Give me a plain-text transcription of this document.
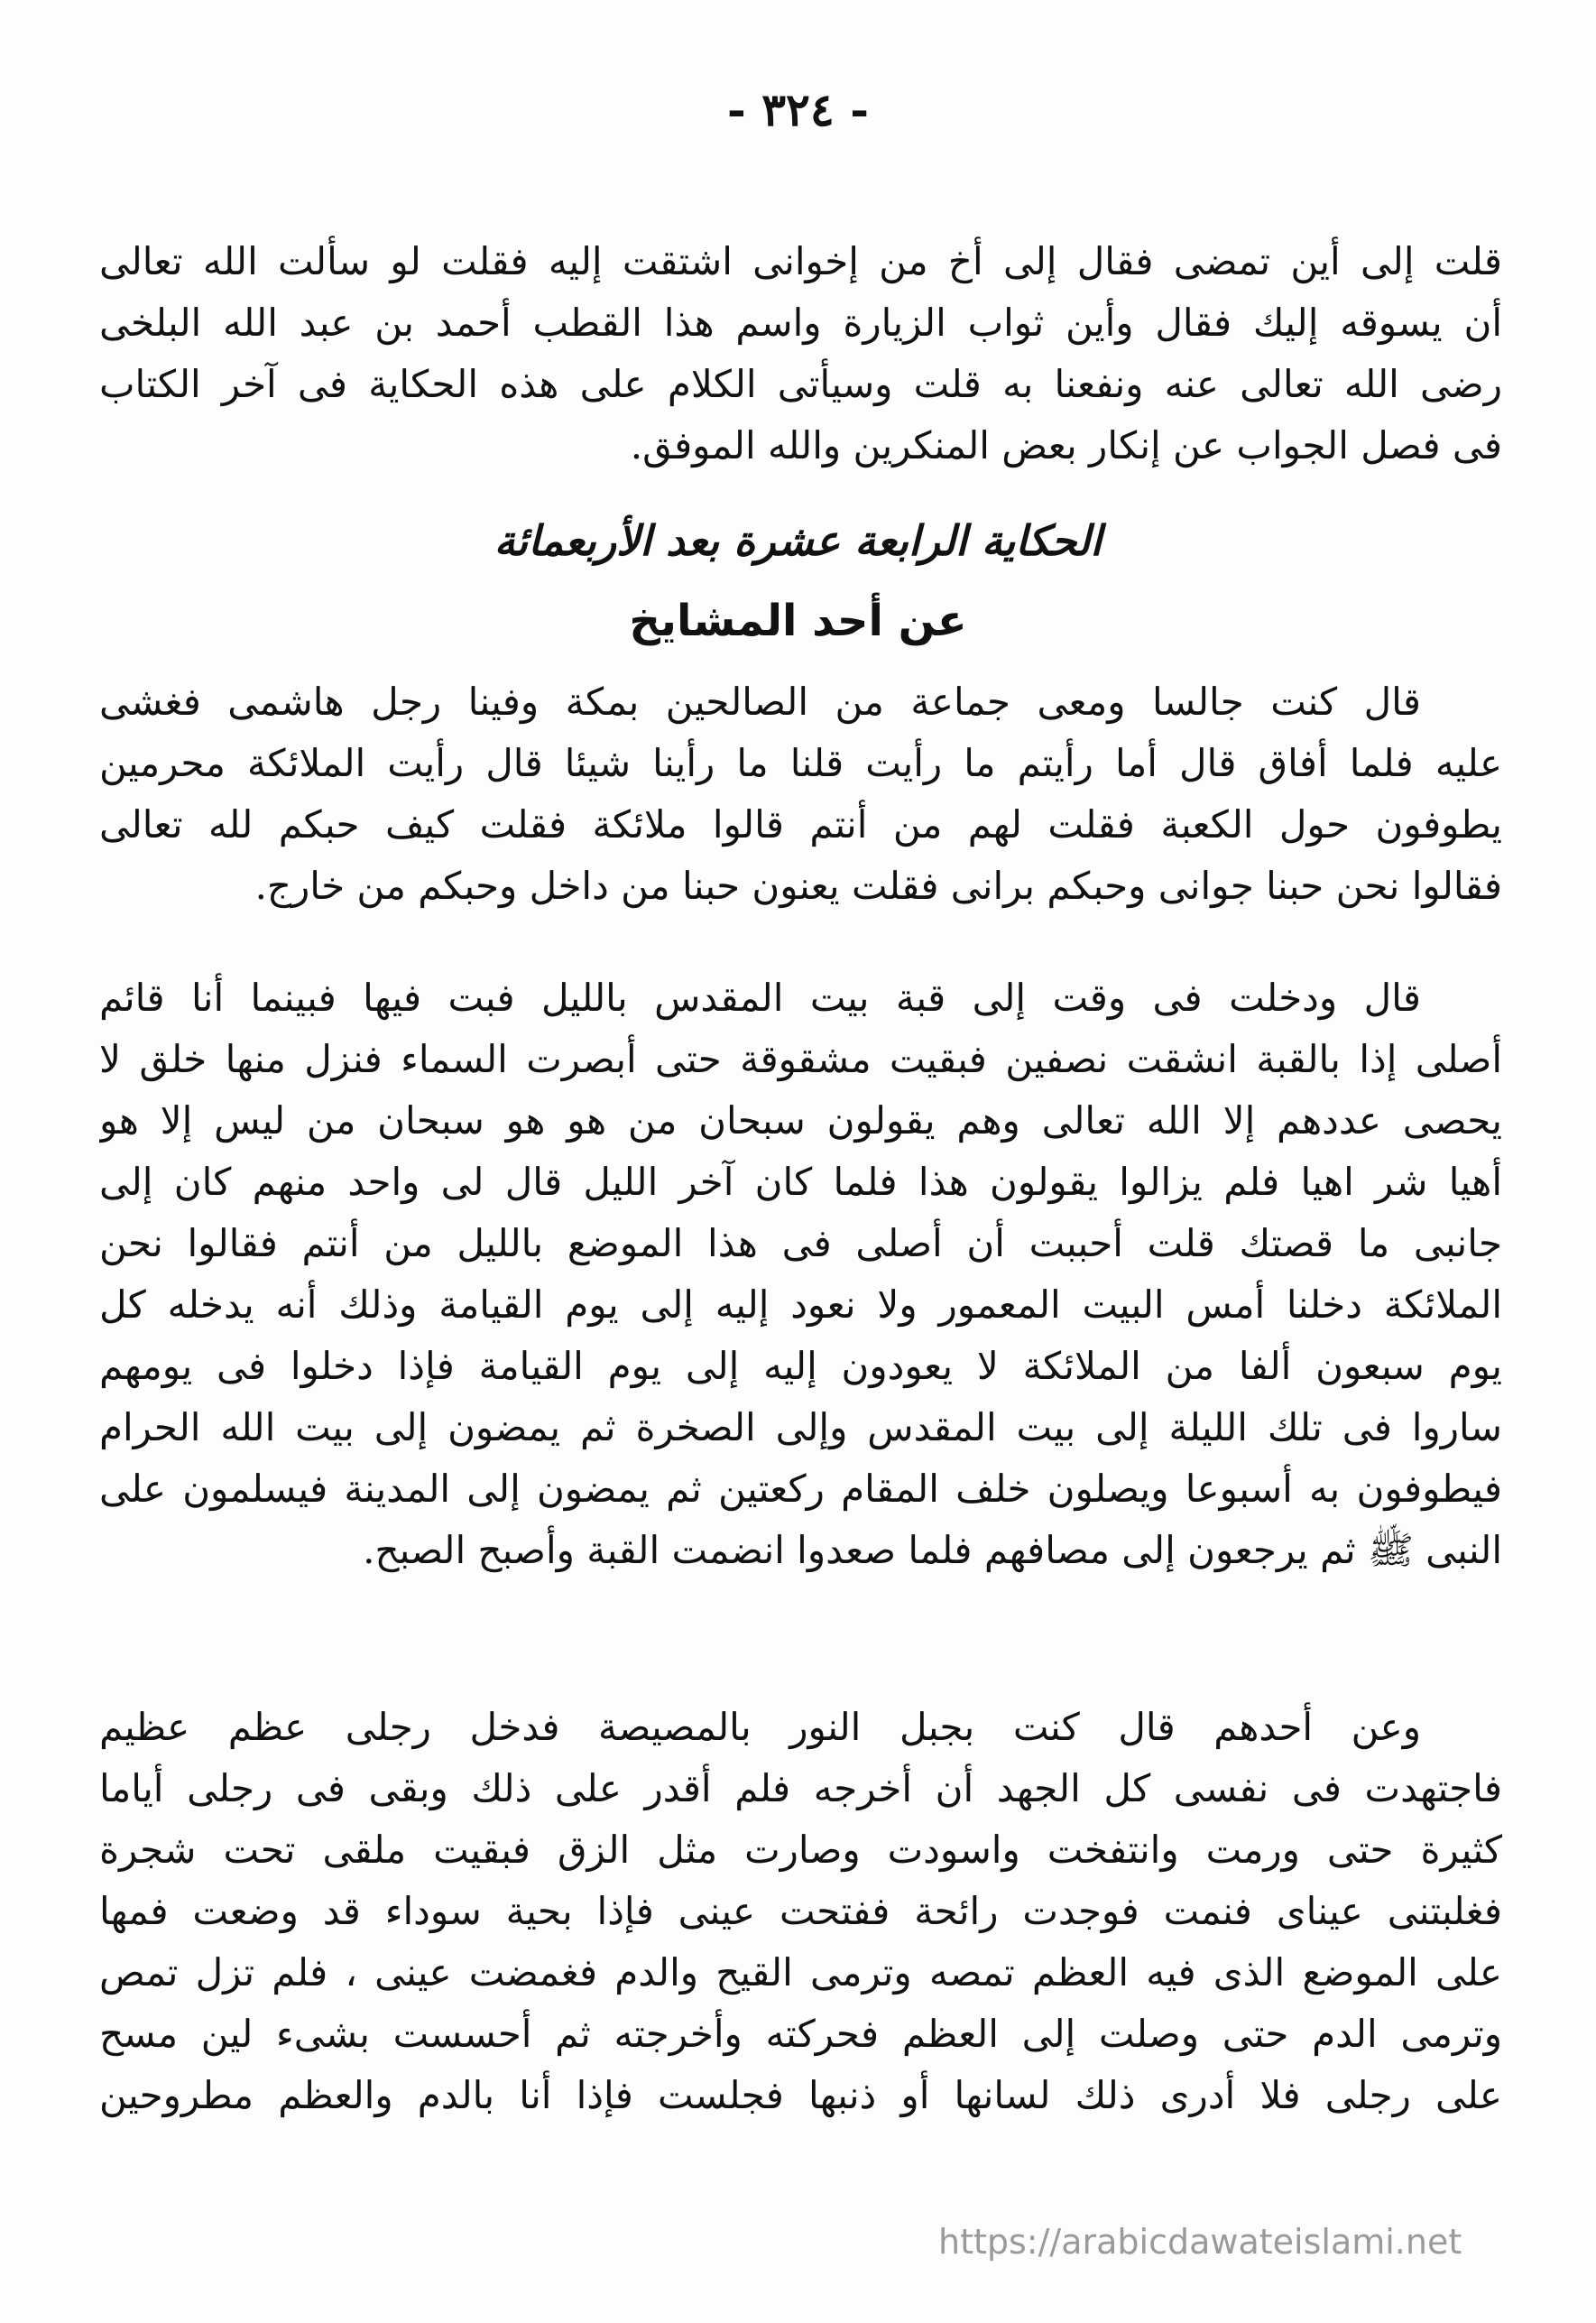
- ٣٢٤ -
قلت إلى أين تمضى فقال إلى أخ من إخوانى اشتقت إليه فقلت لو سألت الله تعالى
أن يسوقه إليك فقال وأين ثواب الزيارة واسم هذا القطب أحمد بن عبد الله البلخى
رضى الله تعالى عنه ونفعنا به قلت وسيأتى الكلام على هذه الحكاية فى آخر الكتاب
فى فصل الجواب عن إنكار بعض المنكرين والله الموفق.
الحكاية الرابعة عشرة بعد الأربعمائة
عن أحد المشايخ
قال كنت جالسا ومعى جماعة من الصالحين بمكة وفينا رجل هاشمى فغشى
عليه فلما أفاق قال أما رأيتم ما رأيت قلنا ما رأينا شيئا قال رأيت الملائكة محرمين
يطوفون حول الكعبة فقلت لهم من أنتم قالوا ملائكة فقلت كيف حبكم لله تعالى
فقالوا نحن حبنا جوانى وحبكم برانى فقلت يعنون حبنا من داخل وحبكم من خارج.
قال ودخلت فى وقت إلى قبة بيت المقدس بالليل فبت فيها فبينما أنا قائم
أصلى إذا بالقبة انشقت نصفين فبقيت مشقوقة حتى أبصرت السماء فنزل منها خلق لا
يحصى عددهم إلا الله تعالى وهم يقولون سبحان من هو هو سبحان من ليس إلا هو
أهيا شر اهيا فلم يزالوا يقولون هذا فلما كان آخر الليل قال لى واحد منهم كان إلى
جانبى ما قصتك قلت أحببت أن أصلى فى هذا الموضع بالليل من أنتم فقالوا نحن
الملائكة دخلنا أمس البيت المعمور ولا نعود إليه إلى يوم القيامة وذلك أنه يدخله كل
يوم سبعون ألفا من الملائكة لا يعودون إليه إلى يوم القيامة فإذا دخلوا فى يومهم
ساروا فى تلك الليلة إلى بيت المقدس وإلى الصخرة ثم يمضون إلى بيت الله الحرام
فيطوفون به أسبوعا ويصلون خلف المقام ركعتين ثم يمضون إلى المدينة فيسلمون على
النبى ﷺ ثم يرجعون إلى مصافهم فلما صعدوا انضمت القبة وأصبح الصبح.
وعن أحدهم قال كنت بجبل النور بالمصيصة فدخل رجلى عظم عظيم
فاجتهدت فى نفسى كل الجهد أن أخرجه فلم أقدر على ذلك وبقى فى رجلى أياما
كثيرة حتى ورمت وانتفخت واسودت وصارت مثل الزق فبقيت ملقى تحت شجرة
فغلبتنى عيناى فنمت فوجدت رائحة ففتحت عينى فإذا بحية سوداء قد وضعت فمها
على الموضع الذى فيه العظم تمصه وترمى القيح والدم فغمضت عينى ، فلم تزل تمص
وترمى الدم حتى وصلت إلى العظم فحركته وأخرجته ثم أحسست بشىء لين مسح
على رجلى فلا أدرى ذلك لسانها أو ذنبها فجلست فإذا أنا بالدم والعظم مطروحين
https://arabicdawateislami.net
